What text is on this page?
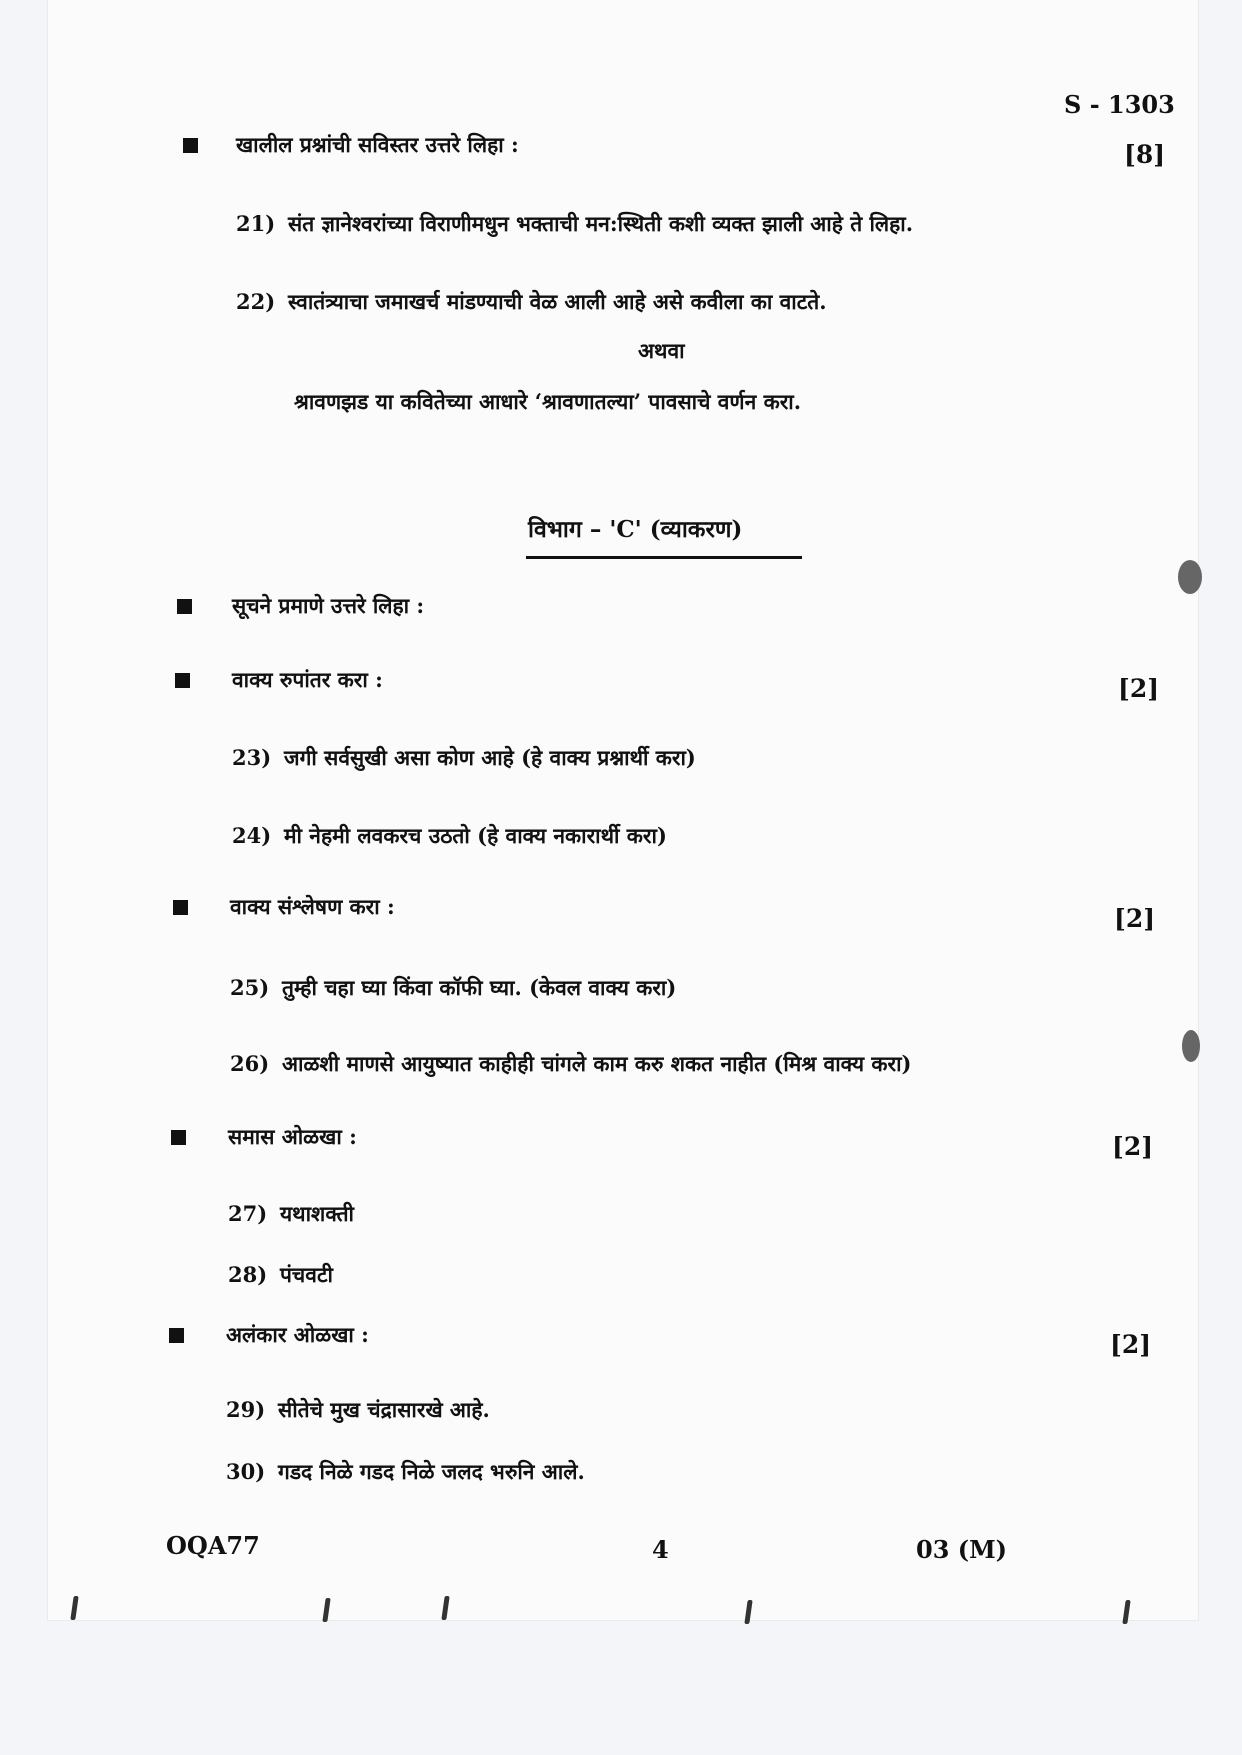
S - 1303
खालील प्रश्नांची सविस्तर उत्तरे लिहा :	[8]
21) संत ज्ञानेश्वरांच्या विराणीमधुन भक्ताची मन:स्थिती कशी व्यक्त झाली आहे ते लिहा.
22) स्वातंत्र्याचा जमाखर्च मांडण्याची वेळ आली आहे असे कवीला का वाटते.
अथवा
श्रावणझड या कवितेच्या आधारे ‘श्रावणातल्या’ पावसाचे वर्णन करा.
विभाग – 'C' (व्याकरण)
सूचने प्रमाणे उत्तरे लिहा :
वाक्य रुपांतर करा :	[2]
23) जगी सर्वसुखी असा कोण आहे (हे वाक्य प्रश्नार्थी करा)
24) मी नेहमी लवकरच उठतो (हे वाक्य नकारार्थी करा)
वाक्य संश्लेषण करा :	[2]
25) तुम्ही चहा घ्या किंवा कॉफी घ्या. (केवल वाक्य करा)
26) आळशी माणसे आयुष्यात काहीही चांगले काम करु शकत नाहीत (मिश्र वाक्य करा)
समास ओळखा :	[2]
27) यथाशक्ती
28) पंचवटी
अलंकार ओळखा :	[2]
29) सीतेचे मुख चंद्रासारखे आहे.
30) गडद निळे गडद निळे जलद भरुनि आले.
OQA77	4	03 (M)
